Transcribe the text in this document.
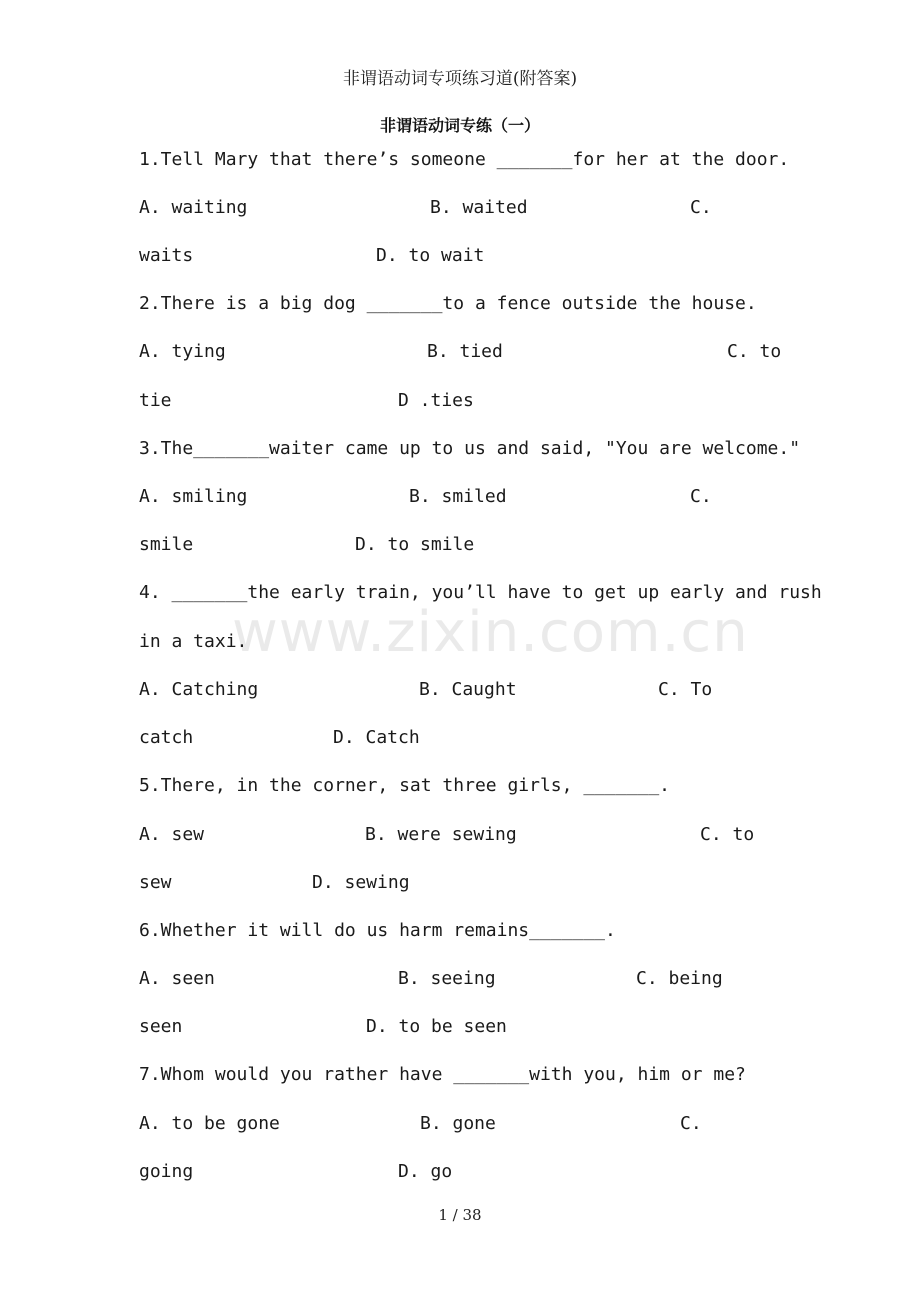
非谓语动词专项练习道(附答案)
非谓语动词专练（一）
www.zixin.com.cn
1.Tell Mary that there’s someone _______for her at the door.
A. waiting	B. waited	C.
waits	D. to wait
2.There is a big dog _______to a fence outside the house.
A. tying	B. tied	C. to
tie	D .ties
3.The_______waiter came up to us and said, "You are welcome."
A. smiling	B. smiled	C.
smile	D. to smile
4. _______the early train, you’ll have to get up early and rush
in a taxi.
A. Catching	B. Caught	C. To
catch	D. Catch
5.There, in the corner, sat three girls, _______.
A. sew	B. were sewing	C. to
sew	D. sewing
6.Whether it will do us harm remains_______.
A. seen	B. seeing	C. being
seen	D. to be seen
7.Whom would you rather have _______with you, him or me?
A. to be gone	B. gone	C.
going	D. go
1 / 38
